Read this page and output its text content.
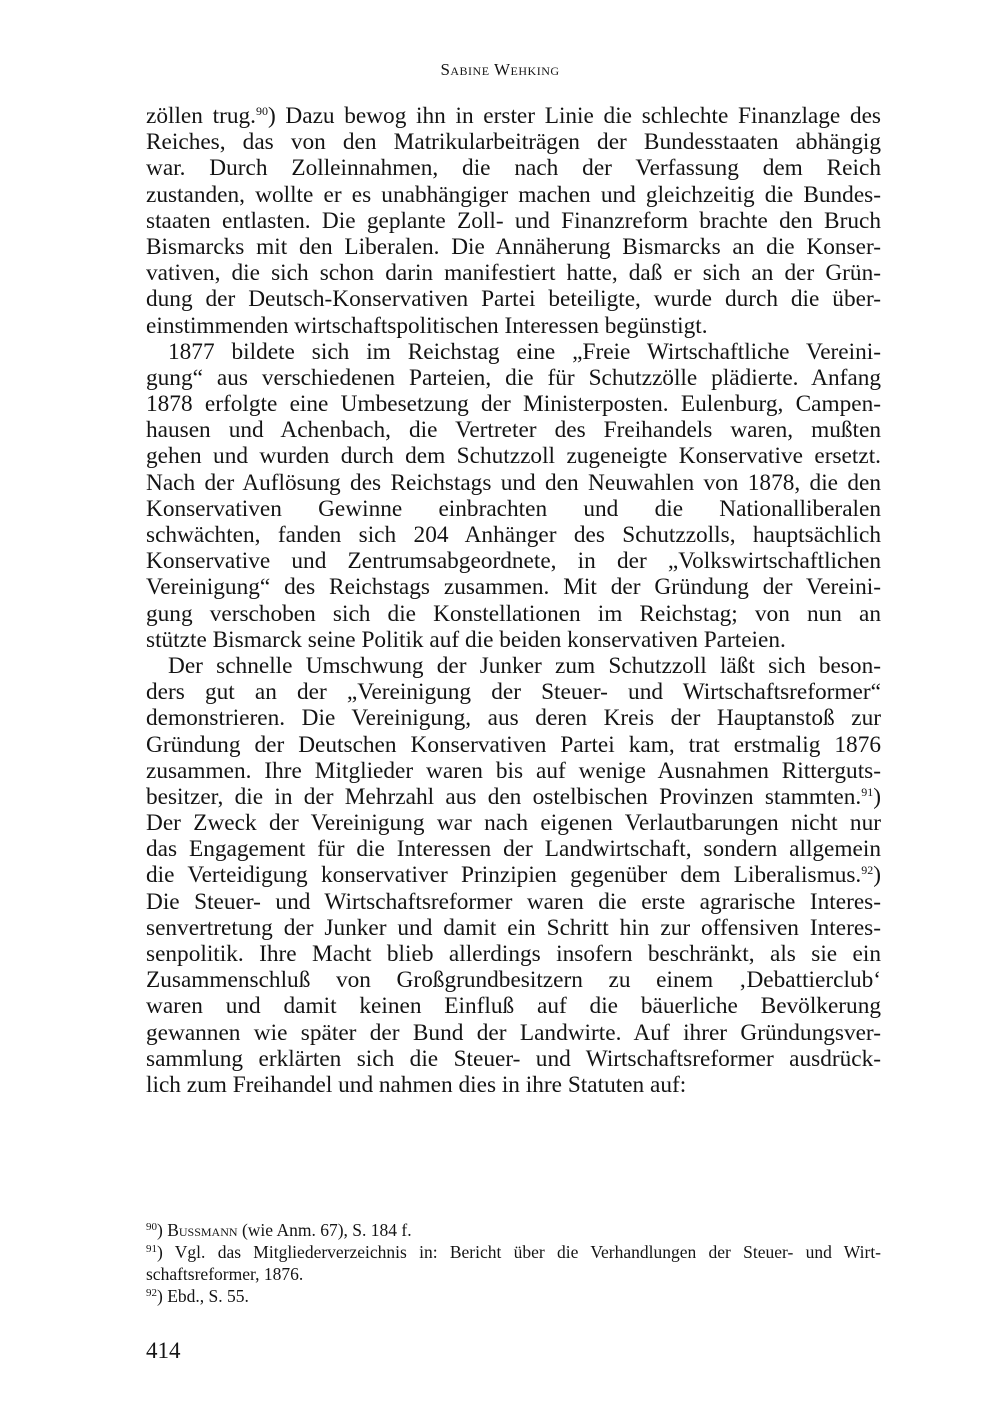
Sabine Wehking

zöllen trug.$^{90}$) Dazu bewog ihn in erster Linie die schlechte Finanzlage des
Reiches, das von den Matrikularbeiträgen der Bundesstaaten abhängig
war. Durch Zolleinnahmen, die nach der Verfassung dem Reich
zustanden, wollte er es unabhängiger machen und gleichzeitig die Bundes-
staaten entlasten. Die geplante Zoll- und Finanzreform brachte den Bruch
Bismarcks mit den Liberalen. Die Annäherung Bismarcks an die Konser-
vativen, die sich schon darin manifestiert hatte, daß er sich an der Grün-
dung der Deutsch-Konservativen Partei beteiligte, wurde durch die über-
einstimmenden wirtschaftspolitischen Interessen begünstigt.

1877 bildete sich im Reichstag eine „Freie Wirtschaftliche Vereini-
gung“ aus verschiedenen Parteien, die für Schutzzölle plädierte. Anfang
1878 erfolgte eine Umbesetzung der Ministerposten. Eulenburg, Campen-
hausen und Achenbach, die Vertreter des Freihandels waren, mußten
gehen und wurden durch dem Schutzzoll zugeneigte Konservative ersetzt.
Nach der Auflösung des Reichstags und den Neuwahlen von 1878, die den
Konservativen Gewinne einbrachten und die Nationalliberalen
schwächten, fanden sich 204 Anhänger des Schutzzolls, hauptsächlich
Konservative und Zentrumsabgeordnete, in der „Volkswirtschaftlichen
Vereinigung“ des Reichstags zusammen. Mit der Gründung der Vereini-
gung verschoben sich die Konstellationen im Reichstag; von nun an
stützte Bismarck seine Politik auf die beiden konservativen Parteien.

Der schnelle Umschwung der Junker zum Schutzzoll läßt sich beson-
ders gut an der „Vereinigung der Steuer- und Wirtschaftsreformer“
demonstrieren. Die Vereinigung, aus deren Kreis der Hauptanstoß zur
Gründung der Deutschen Konservativen Partei kam, trat erstmalig 1876
zusammen. Ihre Mitglieder waren bis auf wenige Ausnahmen Ritterguts-
besitzer, die in der Mehrzahl aus den ostelbischen Provinzen stammten.$^{91}$)
Der Zweck der Vereinigung war nach eigenen Verlautbarungen nicht nur
das Engagement für die Interessen der Landwirtschaft, sondern allgemein
die Verteidigung konservativer Prinzipien gegenüber dem Liberalismus.$^{92}$)
Die Steuer- und Wirtschaftsreformer waren die erste agrarische Interes-
senvertretung der Junker und damit ein Schritt hin zur offensiven Interes-
senpolitik. Ihre Macht blieb allerdings insofern beschränkt, als sie ein
Zusammenschluß von Großgrundbesitzern zu einem ‚Debattierclub‘
waren und damit keinen Einfluß auf die bäuerliche Bevölkerung
gewannen wie später der Bund der Landwirte. Auf ihrer Gründungsver-
sammlung erklärten sich die Steuer- und Wirtschaftsreformer ausdrück-
lich zum Freihandel und nahmen dies in ihre Statuten auf:

$^{90}$) Bussmann (wie Anm. 67), S. 184 f.
$^{91}$) Vgl. das Mitgliederverzeichnis in: Bericht über die Verhandlungen der Steuer- und Wirt-
schaftsreformer, 1876.
$^{92}$) Ebd., S. 55.
414
